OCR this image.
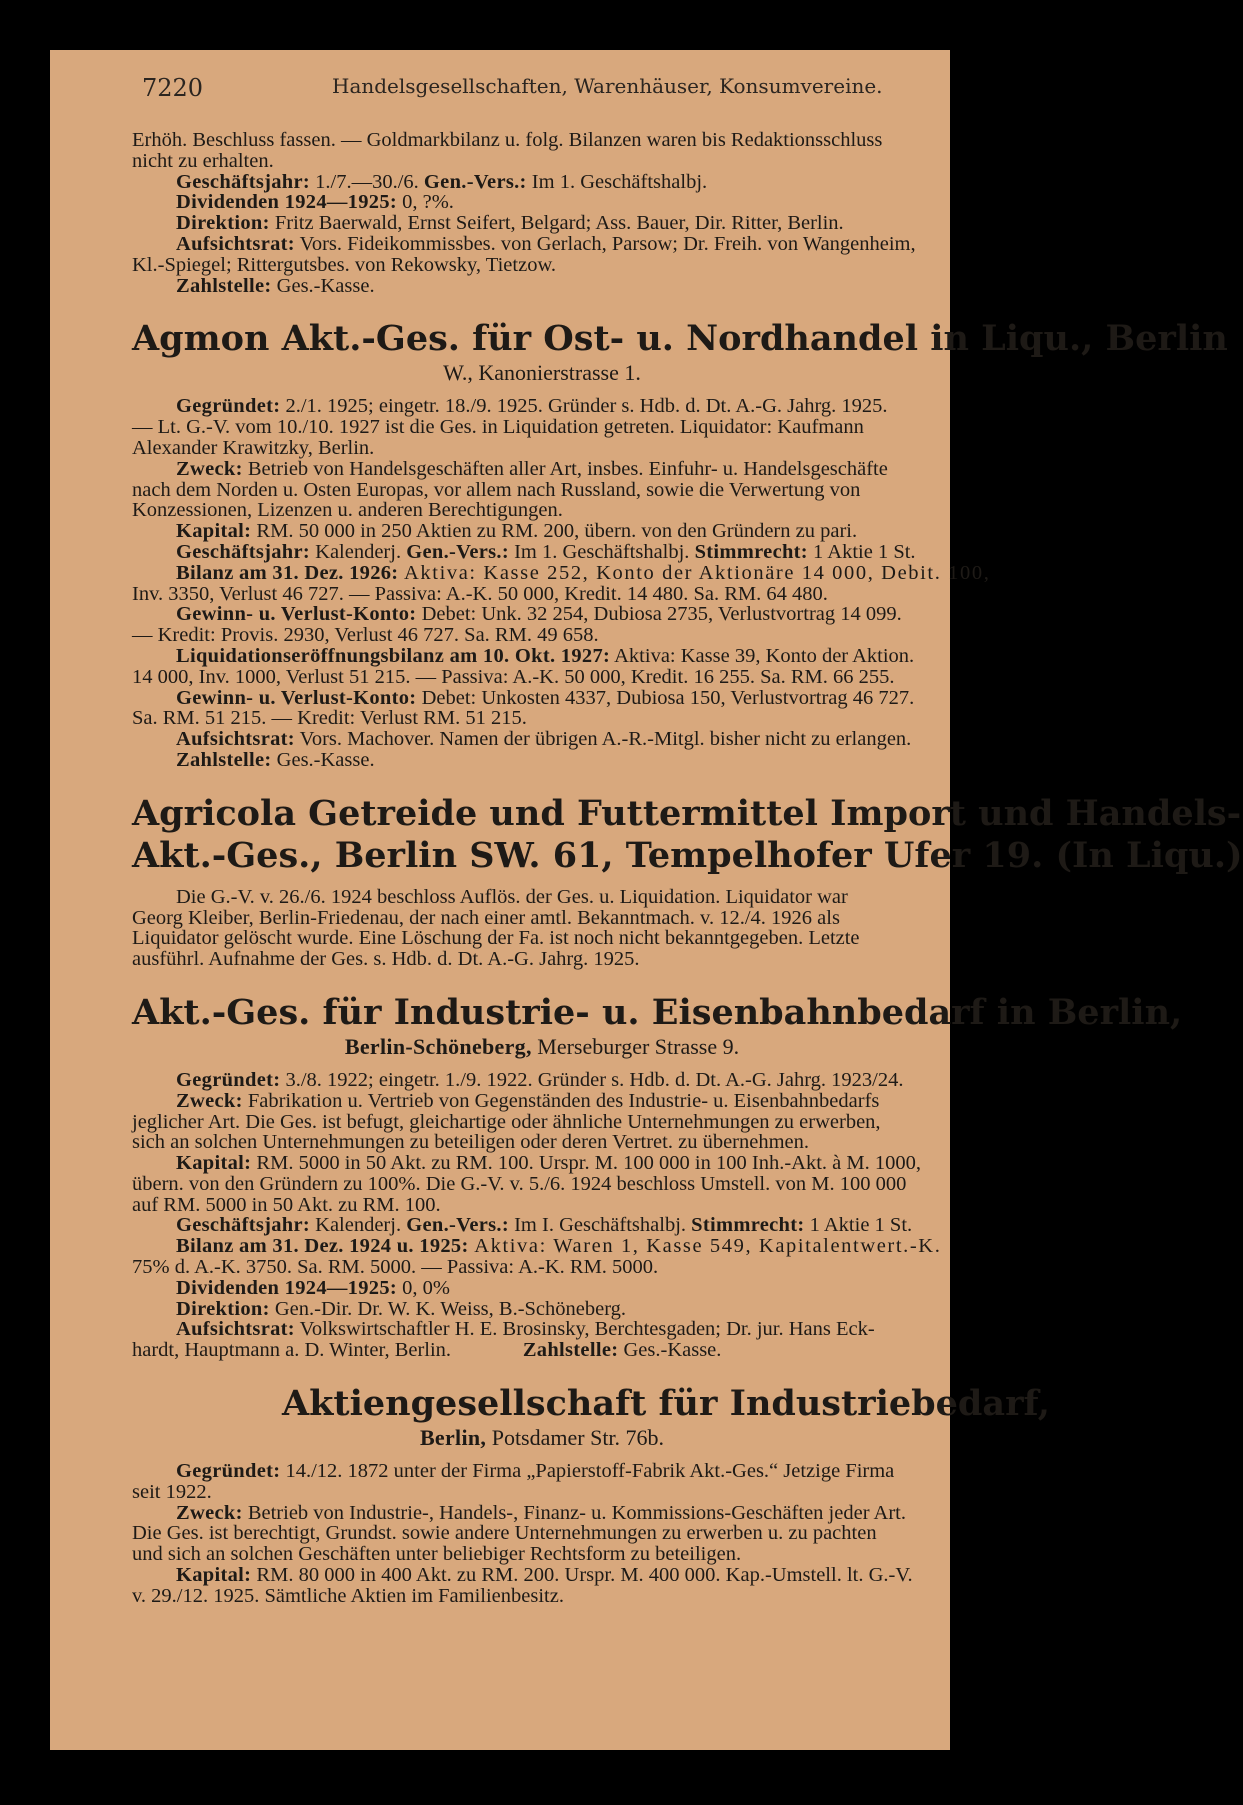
7220	Handelsgesellschaften, Warenhäuser, Konsumvereine.
Erhöh. Beschluss fassen. — Goldmarkbilanz u. folg. Bilanzen waren bis Redaktionsschluss
nicht zu erhalten.
Geschäftsjahr: 1./7.—30./6. Gen.-Vers.: Im 1. Geschäftshalbj.
Dividenden 1924—1925: 0, ?%.
Direktion: Fritz Baerwald, Ernst Seifert, Belgard; Ass. Bauer, Dir. Ritter, Berlin.
Aufsichtsrat: Vors. Fideikommissbes. von Gerlach, Parsow; Dr. Freih. von Wangenheim,
Kl.-Spiegel; Rittergutsbes. von Rekowsky, Tietzow.
Zahlstelle: Ges.-Kasse.
Agmon Akt.-Ges. für Ost- u. Nordhandel in Liqu., Berlin
W., Kanonierstrasse 1.
Gegründet: 2./1. 1925; eingetr. 18./9. 1925. Gründer s. Hdb. d. Dt. A.-G. Jahrg. 1925.
— Lt. G.-V. vom 10./10. 1927 ist die Ges. in Liquidation getreten. Liquidator: Kaufmann
Alexander Krawitzky, Berlin.
Zweck: Betrieb von Handelsgeschäften aller Art, insbes. Einfuhr- u. Handelsgeschäfte
nach dem Norden u. Osten Europas, vor allem nach Russland, sowie die Verwertung von
Konzessionen, Lizenzen u. anderen Berechtigungen.
Kapital: RM. 50 000 in 250 Aktien zu RM. 200, übern. von den Gründern zu pari.
Geschäftsjahr: Kalenderj. Gen.-Vers.: Im 1. Geschäftshalbj. Stimmrecht: 1 Aktie 1 St.
Bilanz am 31. Dez. 1926: Aktiva: Kasse 252, Konto der Aktionäre 14 000, Debit. 100,
Inv. 3350, Verlust 46 727. — Passiva: A.-K. 50 000, Kredit. 14 480. Sa. RM. 64 480.
Gewinn- u. Verlust-Konto: Debet: Unk. 32 254, Dubiosa 2735, Verlustvortrag 14 099.
— Kredit: Provis. 2930, Verlust 46 727. Sa. RM. 49 658.
Liquidationseröffnungsbilanz am 10. Okt. 1927: Aktiva: Kasse 39, Konto der Aktion.
14 000, Inv. 1000, Verlust 51 215. — Passiva: A.-K. 50 000, Kredit. 16 255. Sa. RM. 66 255.
Gewinn- u. Verlust-Konto: Debet: Unkosten 4337, Dubiosa 150, Verlustvortrag 46 727.
Sa. RM. 51 215. — Kredit: Verlust RM. 51 215.
Aufsichtsrat: Vors. Machover. Namen der übrigen A.-R.-Mitgl. bisher nicht zu erlangen.
Zahlstelle: Ges.-Kasse.
Agricola Getreide und Futtermittel Import und Handels-
Akt.-Ges., Berlin SW. 61, Tempelhofer Ufer 19. (In Liqu.)
Die G.-V. v. 26./6. 1924 beschloss Auflös. der Ges. u. Liquidation. Liquidator war
Georg Kleiber, Berlin-Friedenau, der nach einer amtl. Bekanntmach. v. 12./4. 1926 als
Liquidator gelöscht wurde. Eine Löschung der Fa. ist noch nicht bekanntgegeben. Letzte
ausführl. Aufnahme der Ges. s. Hdb. d. Dt. A.-G. Jahrg. 1925.
Akt.-Ges. für Industrie- u. Eisenbahnbedarf in Berlin,
Berlin-Schöneberg, Merseburger Strasse 9.
Gegründet: 3./8. 1922; eingetr. 1./9. 1922. Gründer s. Hdb. d. Dt. A.-G. Jahrg. 1923/24.
Zweck: Fabrikation u. Vertrieb von Gegenständen des Industrie- u. Eisenbahnbedarfs
jeglicher Art. Die Ges. ist befugt, gleichartige oder ähnliche Unternehmungen zu erwerben,
sich an solchen Unternehmungen zu beteiligen oder deren Vertret. zu übernehmen.
Kapital: RM. 5000 in 50 Akt. zu RM. 100. Urspr. M. 100 000 in 100 Inh.-Akt. à M. 1000,
übern. von den Gründern zu 100%. Die G.-V. v. 5./6. 1924 beschloss Umstell. von M. 100 000
auf RM. 5000 in 50 Akt. zu RM. 100.
Geschäftsjahr: Kalenderj. Gen.-Vers.: Im I. Geschäftshalbj. Stimmrecht: 1 Aktie 1 St.
Bilanz am 31. Dez. 1924 u. 1925: Aktiva: Waren 1, Kasse 549, Kapitalentwert.-K.
75% d. A.-K. 3750. Sa. RM. 5000. — Passiva: A.-K. RM. 5000.
Dividenden 1924—1925: 0, 0%
Direktion: Gen.-Dir. Dr. W. K. Weiss, B.-Schöneberg.
Aufsichtsrat: Volkswirtschaftler H. E. Brosinsky, Berchtesgaden; Dr. jur. Hans Eck-
hardt, Hauptmann a. D. Winter, Berlin.	Zahlstelle: Ges.-Kasse.
Aktiengesellschaft für Industriebedarf,
Berlin, Potsdamer Str. 76b.
Gegründet: 14./12. 1872 unter der Firma „Papierstoff-Fabrik Akt.-Ges.“ Jetzige Firma
seit 1922.
Zweck: Betrieb von Industrie-, Handels-, Finanz- u. Kommissions-Geschäften jeder Art.
Die Ges. ist berechtigt, Grundst. sowie andere Unternehmungen zu erwerben u. zu pachten
und sich an solchen Geschäften unter beliebiger Rechtsform zu beteiligen.
Kapital: RM. 80 000 in 400 Akt. zu RM. 200. Urspr. M. 400 000. Kap.-Umstell. lt. G.-V.
v. 29./12. 1925. Sämtliche Aktien im Familienbesitz.
